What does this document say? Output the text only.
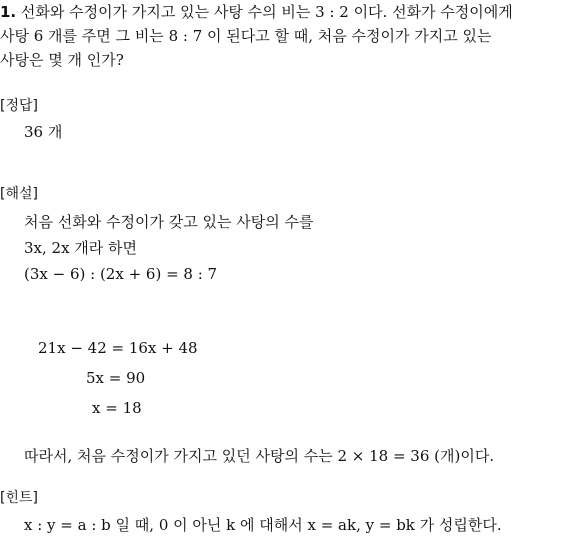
1. 선화와 수정이가 가지고 있는 사탕 수의 비는 3 : 2 이다. 선화가 수정이에게
사탕 6 개를 주면 그 비는 8 : 7 이 된다고 할 때, 처음 수정이가 가지고 있는
사탕은 몇 개 인가?
[정답]
36 개
[해설]
처음 선화와 수정이가 갖고 있는 사탕의 수를
3x, 2x 개라 하면
(3x − 6) : (2x + 6) = 8 : 7
21x − 42 = 16x + 48
5x = 90
x = 18
따라서, 처음 수정이가 가지고 있던 사탕의 수는 2 × 18 = 36 (개)이다.
[힌트]
x : y = a : b 일 때, 0 이 아닌 k 에 대해서 x = ak, y = bk 가 성립한다.
